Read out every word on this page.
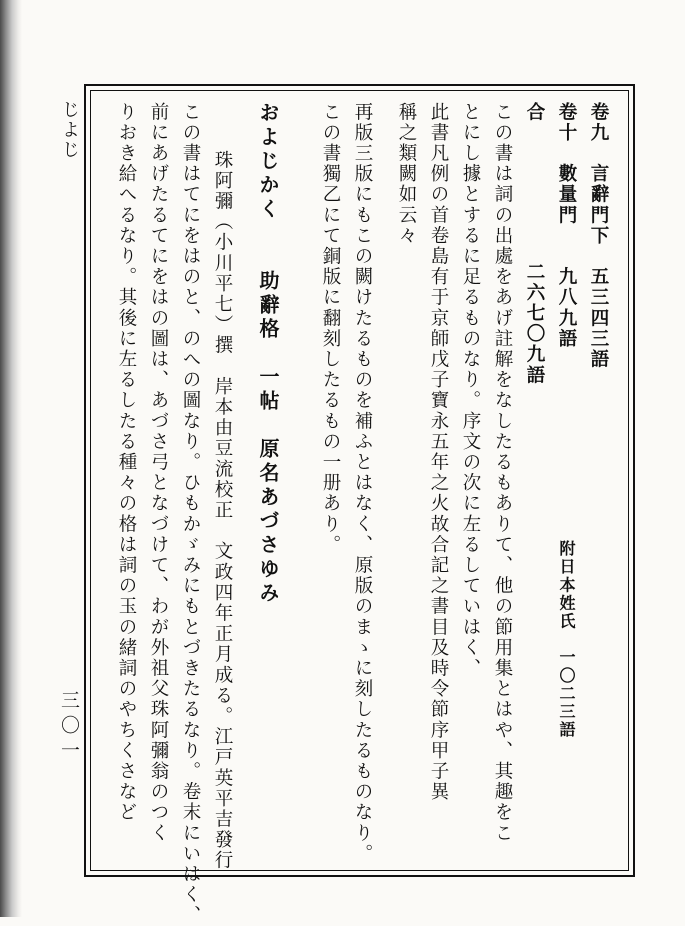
じよじ
三〇一
卷九　言辭門下　五三四三語
卷十　數量門　　九八九語
附日本姓氏　一〇二三語
合
二六七〇九語
この書は詞の出處をあげ註解をなしたるもありて、他の節用集とはや、其趣をこ
とにし據とするに足るものなり。序文の次に左るしていはく、
此書凡例の首卷島有于京師戊子寶永五年之火故合記之書目及時令節序甲子異
稱之類闕如云々
再版三版にもこの闕けたるものを補ふとはなく、原版のまゝに刻したるものなり。
この書獨乙にて銅版に翻刻したるもの一册あり。
およじかく　　助辭格　一帖　原名あづさゆみ
珠阿彌（小川平七）撰　岸本由豆流校正　文政四年正月成る。江戸英平吉發行
この書はてにをはのと、のへの圖なり。ひもかゞみにもとづきたるなり。卷末にいはく、
前にあげたるてにをはの圖は、あづさ弓となづけて、わが外祖父珠阿彌翁のつく
りおき給へるなり。其後に左るしたる種々の格は詞の玉の緒詞のやちくさなど
